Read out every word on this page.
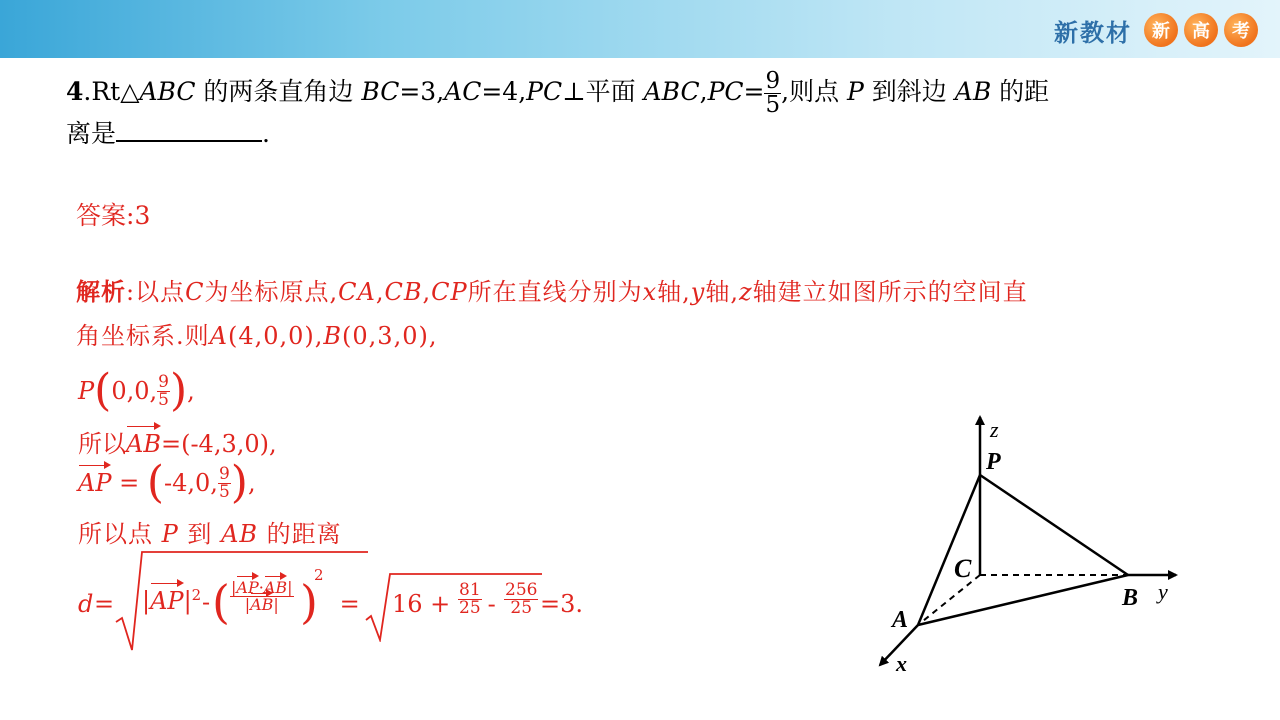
新教材	新	高	考
4.Rt△ABC 的两条直角边 BC=3,AC=4,PC⊥平面 $ABC,PC= \frac{9}{5}$ ,则点 P 到斜边 AB 的距
离是	.
答案:3
解析:以点C为坐标原点,CA,CB,CP所在直线分别为x轴,y轴,z轴建立如图所示的空间直
角坐标系.则A(4,0,0),B(0,3,0),
P ( 0,0, $\frac{9}{5}$ ) ,
所以AB=(-4,3,0),
AP = ( -4,0, $\frac{9}{5}$ ) ,
所以点 P 到 AB 的距离
$d = |AP|^2$ - ( $\frac{|AP\cdot AB|}{|AB|}$ )
2
= $16 + \frac{81}{25}$
- $\frac{256}{25} =3$.
z
P
C
A
B y
x
